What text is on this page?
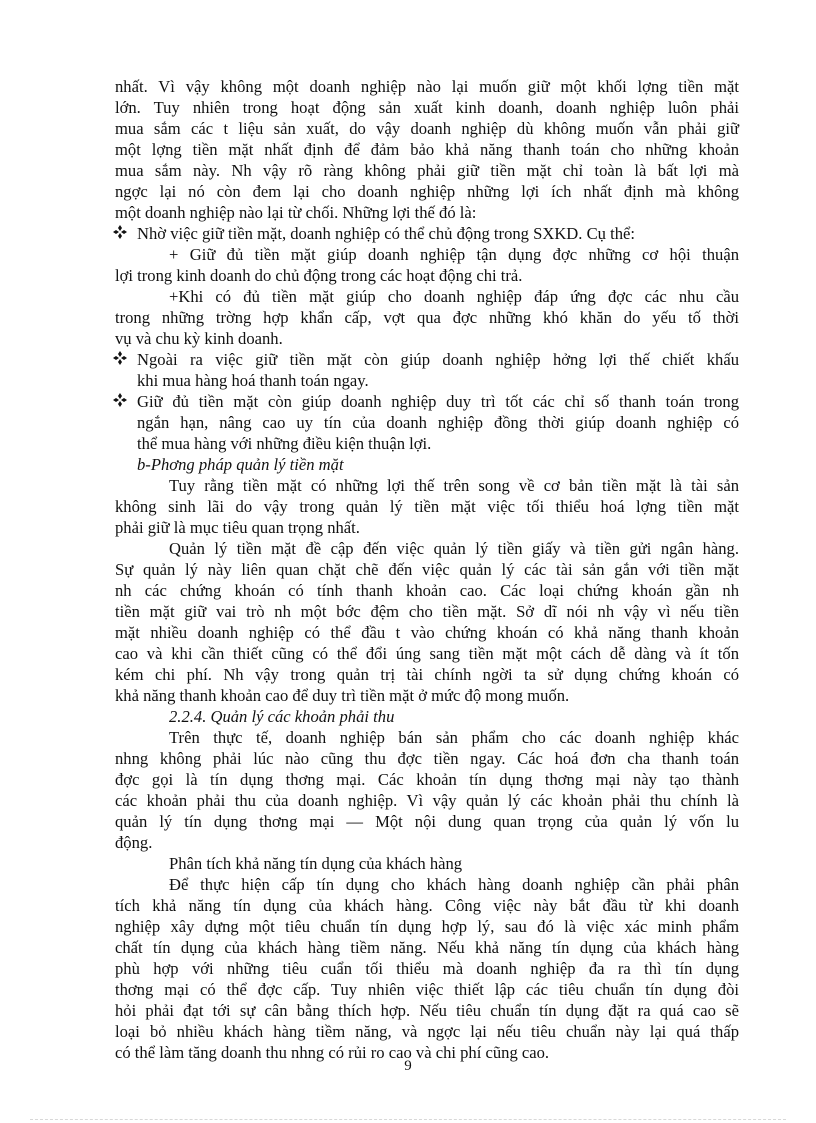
nhất. Vì vậy không một doanh nghiệp nào lại muốn giữ một khối lợng tiền mặt
lớn. Tuy nhiên trong hoạt động sản xuất kinh doanh, doanh nghiệp luôn phải
mua sắm các t liệu sản xuất, do vậy doanh nghiệp dù không muốn vẫn phải giữ
một lợng tiền mặt nhất định để đảm bảo khả năng thanh toán cho những khoản
mua sắm này. Nh vậy rõ ràng không phải giữ tiền mặt chỉ toàn là bất lợi mà
ngợc lại nó còn đem lại cho doanh nghiệp những lợi ích nhất định mà không
một doanh nghiệp nào lại từ chối. Những lợi thế đó là:
Nhờ việc giữ tiền mặt, doanh nghiệp có thể chủ động trong SXKD. Cụ thể:
+ Giữ đủ tiền mặt giúp doanh nghiệp tận dụng đợc những cơ hội thuận
lợi trong kinh doanh do chủ động trong các hoạt động chi trả.
+Khi có đủ tiền mặt giúp cho doanh nghiệp đáp ứng đợc các nhu cầu
trong những trờng hợp khẩn cấp, vợt qua đợc những khó khăn do yếu tố thời
vụ và chu kỳ kinh doanh.
Ngoài ra việc giữ tiền mặt còn giúp doanh nghiệp hởng lợi thế chiết khấu
khi mua hàng hoá thanh toán ngay.
Giữ đủ tiền mặt còn giúp doanh nghiệp duy trì tốt các chỉ số thanh toán trong
ngắn hạn, nâng cao uy tín của doanh nghiệp đồng thời giúp doanh nghiệp có
thể mua hàng với những điều kiện thuận lợi.
b-Phơng pháp quản lý tiền mặt
Tuy rằng tiền mặt có những lợi thế trên song về cơ bản tiền mặt là tài sản
không sinh lãi do vậy trong quản lý tiền mặt việc tối thiểu hoá lợng tiền mặt
phải giữ là mục tiêu quan trọng nhất.
Quản lý tiền mặt đề cập đến việc quản lý tiền giấy và tiền gửi ngân hàng.
Sự quản lý này liên quan chặt chẽ đến việc quản lý các tài sản gắn với tiền mặt
nh các chứng khoán có tính thanh khoản cao. Các loại chứng khoán gần nh
tiền mặt giữ vai trò nh một bớc đệm cho tiền mặt. Sở dĩ nói nh vậy vì nếu tiền
mặt nhiều doanh nghiệp có thể đầu t vào chứng khoán có khả năng thanh khoản
cao và khi cần thiết cũng có thể đổi úng sang tiền mặt một cách dễ dàng và ít tốn
kém chi phí. Nh vậy trong quản trị tài chính ngời ta sử dụng chứng khoán có
khả năng thanh khoản cao để duy trì tiền mặt ở mức độ mong muốn.
2.2.4. Quản lý các khoản phải thu
Trên thực tế, doanh nghiệp bán sản phẩm cho các doanh nghiệp khác
nhng không phải lúc nào cũng thu đợc tiền ngay. Các hoá đơn cha thanh toán
đợc gọi là tín dụng thơng mại. Các khoản tín dụng thơng mại này tạo thành
các khoản phải thu của doanh nghiệp. Vì vậy quản lý các khoản phải thu chính là
quản lý tín dụng thơng mại — Một nội dung quan trọng của quản lý vốn lu
động.
Phân tích khả năng tín dụng của khách hàng
Để thực hiện cấp tín dụng cho khách hàng doanh nghiệp cần phải phân
tích khả năng tín dụng của khách hàng. Công việc này bắt đầu từ khi doanh
nghiệp xây dựng một tiêu chuẩn tín dụng hợp lý, sau đó là việc xác minh phẩm
chất tín dụng của khách hàng tiềm năng. Nếu khả năng tín dụng của khách hàng
phù hợp với những tiêu cuẩn tối thiểu mà doanh nghiệp đa ra thì tín dụng
thơng mại có thể đợc cấp. Tuy nhiên việc thiết lập các tiêu chuẩn tín dụng đòi
hỏi phải đạt tới sự cân bằng thích hợp. Nếu tiêu chuẩn tín dụng đặt ra quá cao sẽ
loại bỏ nhiều khách hàng tiềm năng, và ngợc lại nếu tiêu chuẩn này lại quá thấp
có thể làm tăng doanh thu nhng có rủi ro cao và chi phí cũng cao.
9
